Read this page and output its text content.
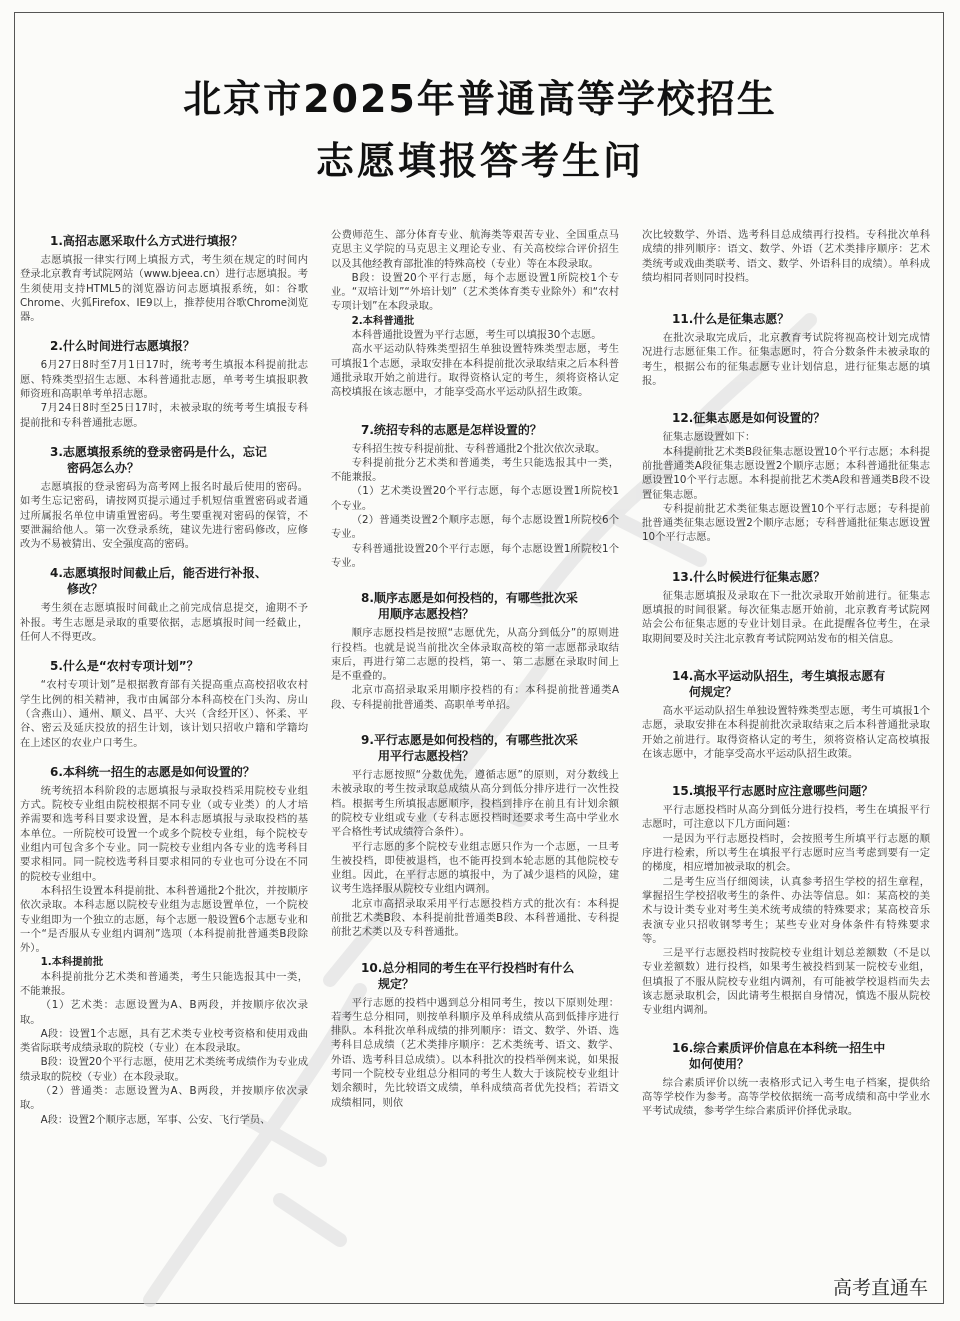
北京市2025年普通高等学校招生
志愿填报答考生问
1.高招志愿采取什么方式进行填报？

志愿填报一律实行网上填报方式，考生须在规定的时间内登录北京教育考试院网站（www.bjeea.cn）进行志愿填报。考生须使用支持HTML5的浏览器访问志愿填报系统，如：谷歌Chrome、火狐Firefox、IE9以上，推荐使用谷歌Chrome浏览器。

2.什么时间进行志愿填报？

6月27日8时至7月1日17时，统考考生填报本科提前批志愿、特殊类型招生志愿、本科普通批志愿，单考考生填报职教师资班和高职单考单招志愿。

7月24日8时至25日17时，未被录取的统考考生填报专科提前批和专科普通批志愿。

3.志愿填报系统的登录密码是什么，忘记
密码怎么办？

志愿填报的登录密码为高考网上报名时最后使用的密码。如考生忘记密码，请按网页提示通过手机短信重置密码或者通过所属报名单位申请重置密码。考生要重视对密码的保管，不要泄漏给他人。第一次登录系统，建议先进行密码修改，应修改为不易被猜出、安全强度高的密码。

4.志愿填报时间截止后，能否进行补报、
修改？

考生须在志愿填报时间截止之前完成信息提交，逾期不予补报。考生志愿是录取的重要依据，志愿填报时间一经截止，任何人不得更改。

5.什么是“农村专项计划”？

“农村专项计划”是根据教育部有关提高重点高校招收农村学生比例的相关精神，我市由属部分本科高校在门头沟、房山（含燕山）、通州、顺义、昌平、大兴（含经开区）、怀柔、平谷、密云及延庆投放的招生计划，该计划只招收户籍和学籍均在上述区的农业户口考生。

6.本科统一招生的志愿是如何设置的？

统考统招本科阶段的志愿填报与录取投档采用院校专业组方式。院校专业组由院校根据不同专业（或专业类）的人才培养需要和选考科目要求设置，是本科志愿填报与录取投档的基本单位。一所院校可设置一个或多个院校专业组，每个院校专业组内可包含多个专业。同一院校专业组内各专业的选考科目要求相同。同一院校选考科目要求相同的专业也可分设在不同的院校专业组中。

本科招生设置本科提前批、本科普通批2个批次，并按顺序依次录取。本科志愿以院校专业组为志愿设置单位，一个院校专业组即为一个独立的志愿，每个志愿一般设置6个志愿专业和一个“是否服从专业组内调剂”选项（本科提前批普通类B段除外）。

1.本科提前批

本科提前批分艺术类和普通类，考生只能选报其中一类，不能兼报。

（1）艺术类：志愿设置为A、B两段，并按顺序依次录取。

A段：设置1个志愿，具有艺术类专业校考资格和使用戏曲类省际联考成绩录取的院校（专业）在本段录取。

B段：设置20个平行志愿，使用艺术类统考成绩作为专业成绩录取的院校（专业）在本段录取。

（2）普通类：志愿设置为A、B两段，并按顺序依次录取。

A段：设置2个顺序志愿，军事、公安、飞行学员、

公费师范生、部分体育专业、航海类等艰苦专业、全国重点马克思主义学院的马克思主义理论专业、有关高校综合评价招生以及其他经教育部批准的特殊高校（专业）等在本段录取。

B段：设置20个平行志愿，每个志愿设置1所院校1个专业。“双培计划”“外培计划”（艺术类体育类专业除外）和“农村专项计划”在本段录取。

2.本科普通批

本科普通批设置为平行志愿，考生可以填报30个志愿。

高水平运动队特殊类型招生单独设置特殊类型志愿，考生可填报1个志愿，录取安排在本科提前批次录取结束之后本科普通批录取开始之前进行。取得资格认定的考生，须将资格认定高校填报在该志愿中，才能享受高水平运动队招生政策。

7.统招专科的志愿是怎样设置的？

专科招生按专科提前批、专科普通批2个批次依次录取。

专科提前批分艺术类和普通类，考生只能选报其中一类，不能兼报。

（1）艺术类设置20个平行志愿，每个志愿设置1所院校1个专业。

（2）普通类设置2个顺序志愿，每个志愿设置1所院校6个专业。

专科普通批设置20个平行志愿，每个志愿设置1所院校1个专业。

8.顺序志愿是如何投档的，有哪些批次采
用顺序志愿投档？

顺序志愿投档是按照“志愿优先，从高分到低分”的原则进行投档。也就是说当前批次全体录取高校的第一志愿都录取结束后，再进行第二志愿的投档，第一、第二志愿在录取时间上是不重叠的。

北京市高招录取采用顺序投档的有：本科提前批普通类A段、专科提前批普通类、高职单考单招。

9.平行志愿是如何投档的，有哪些批次采
用平行志愿投档？

平行志愿按照“分数优先，遵循志愿”的原则，对分数线上未被录取的考生按录取总成绩从高分到低分排序进行一次性投档。根据考生所填报志愿顺序，投档到排序在前且有计划余额的院校专业组或专业（专科志愿投档时还要求考生高中学业水平合格性考试成绩符合条件）。

平行志愿的多个院校专业组志愿只作为一个志愿，一旦考生被投档，即使被退档，也不能再投到本轮志愿的其他院校专业组。因此，在平行志愿的填报中，为了减少退档的风险，建议考生选择服从院校专业组内调剂。

北京市高招录取采用平行志愿投档方式的批次有：本科提前批艺术类B段、本科提前批普通类B段、本科普通批、专科提前批艺术类以及专科普通批。

10.总分相同的考生在平行投档时有什么
规定？

平行志愿的投档中遇到总分相同考生，按以下原则处理：若考生总分相同，则按单科顺序及单科成绩从高到低排序进行排队。本科批次单科成绩的排列顺序：语文、数学、外语、选考科目总成绩（艺术类排序顺序：艺术类统考、语文、数学、外语、选考科目总成绩）。以本科批次的投档举例来说，如果报考同一个院校专业组总分相同的考生人数大于该院校专业组计划余额时，先比较语文成绩，单科成绩高者优先投档；若语文成绩相同，则依

次比较数学、外语、选考科目总成绩再行投档。专科批次单科成绩的排列顺序：语文、数学、外语（艺术类排序顺序：艺术类统考或戏曲类联考、语文、数学、外语科目的成绩）。单科成绩均相同者则同时投档。

11.什么是征集志愿？

在批次录取完成后，北京教育考试院将视高校计划完成情况进行志愿征集工作。征集志愿时，符合分数条件未被录取的考生，根据公布的征集志愿专业计划信息，进行征集志愿的填报。

12.征集志愿是如何设置的？

征集志愿设置如下：

本科提前批艺术类B段征集志愿设置10个平行志愿；本科提前批普通类A段征集志愿设置2个顺序志愿；本科普通批征集志愿设置10个平行志愿。本科提前批艺术类A段和普通类B段不设置征集志愿。

专科提前批艺术类征集志愿设置10个平行志愿；专科提前批普通类征集志愿设置2个顺序志愿；专科普通批征集志愿设置10个平行志愿。

13.什么时候进行征集志愿？

征集志愿填报及录取在下一批次录取开始前进行。征集志愿填报的时间很紧。每次征集志愿开始前，北京教育考试院网站会公布征集志愿的专业计划目录。在此提醒各位考生，在录取期间要及时关注北京教育考试院网站发布的相关信息。

14.高水平运动队招生，考生填报志愿有
何规定？

高水平运动队招生单独设置特殊类型志愿，考生可填报1个志愿，录取安排在本科提前批次录取结束之后本科普通批录取开始之前进行。取得资格认定的考生，须将资格认定高校填报在该志愿中，才能享受高水平运动队招生政策。

15.填报平行志愿时应注意哪些问题？

平行志愿投档时从高分到低分进行投档，考生在填报平行志愿时，可注意以下几方面问题：

一是因为平行志愿投档时，会按照考生所填平行志愿的顺序进行检索，所以考生在填报平行志愿时应当考虑到要有一定的梯度，相应增加被录取的机会。

二是考生应当仔细阅读，认真参考招生学校的招生章程，掌握招生学校招收考生的条件、办法等信息。如：某高校的美术与设计类专业对考生美术统考成绩的特殊要求；某高校音乐表演专业只招收钢琴考生；某些专业对身体条件有特殊要求等。

三是平行志愿投档时按院校专业组计划总差额数（不是以专业差额数）进行投档，如果考生被投档到某一院校专业组，但填报了不服从院校专业组内调剂，有可能被学校退档而失去该志愿录取机会，因此请考生根据自身情况，慎选不服从院校专业组内调剂。

16.综合素质评价信息在本科统一招生中
如何使用？

综合素质评价以统一表格形式记入考生电子档案，提供给高等学校作为参考。高等学校依据统一高考成绩和高中学业水平考试成绩，参考学生综合素质评价择优录取。

高考直通车
